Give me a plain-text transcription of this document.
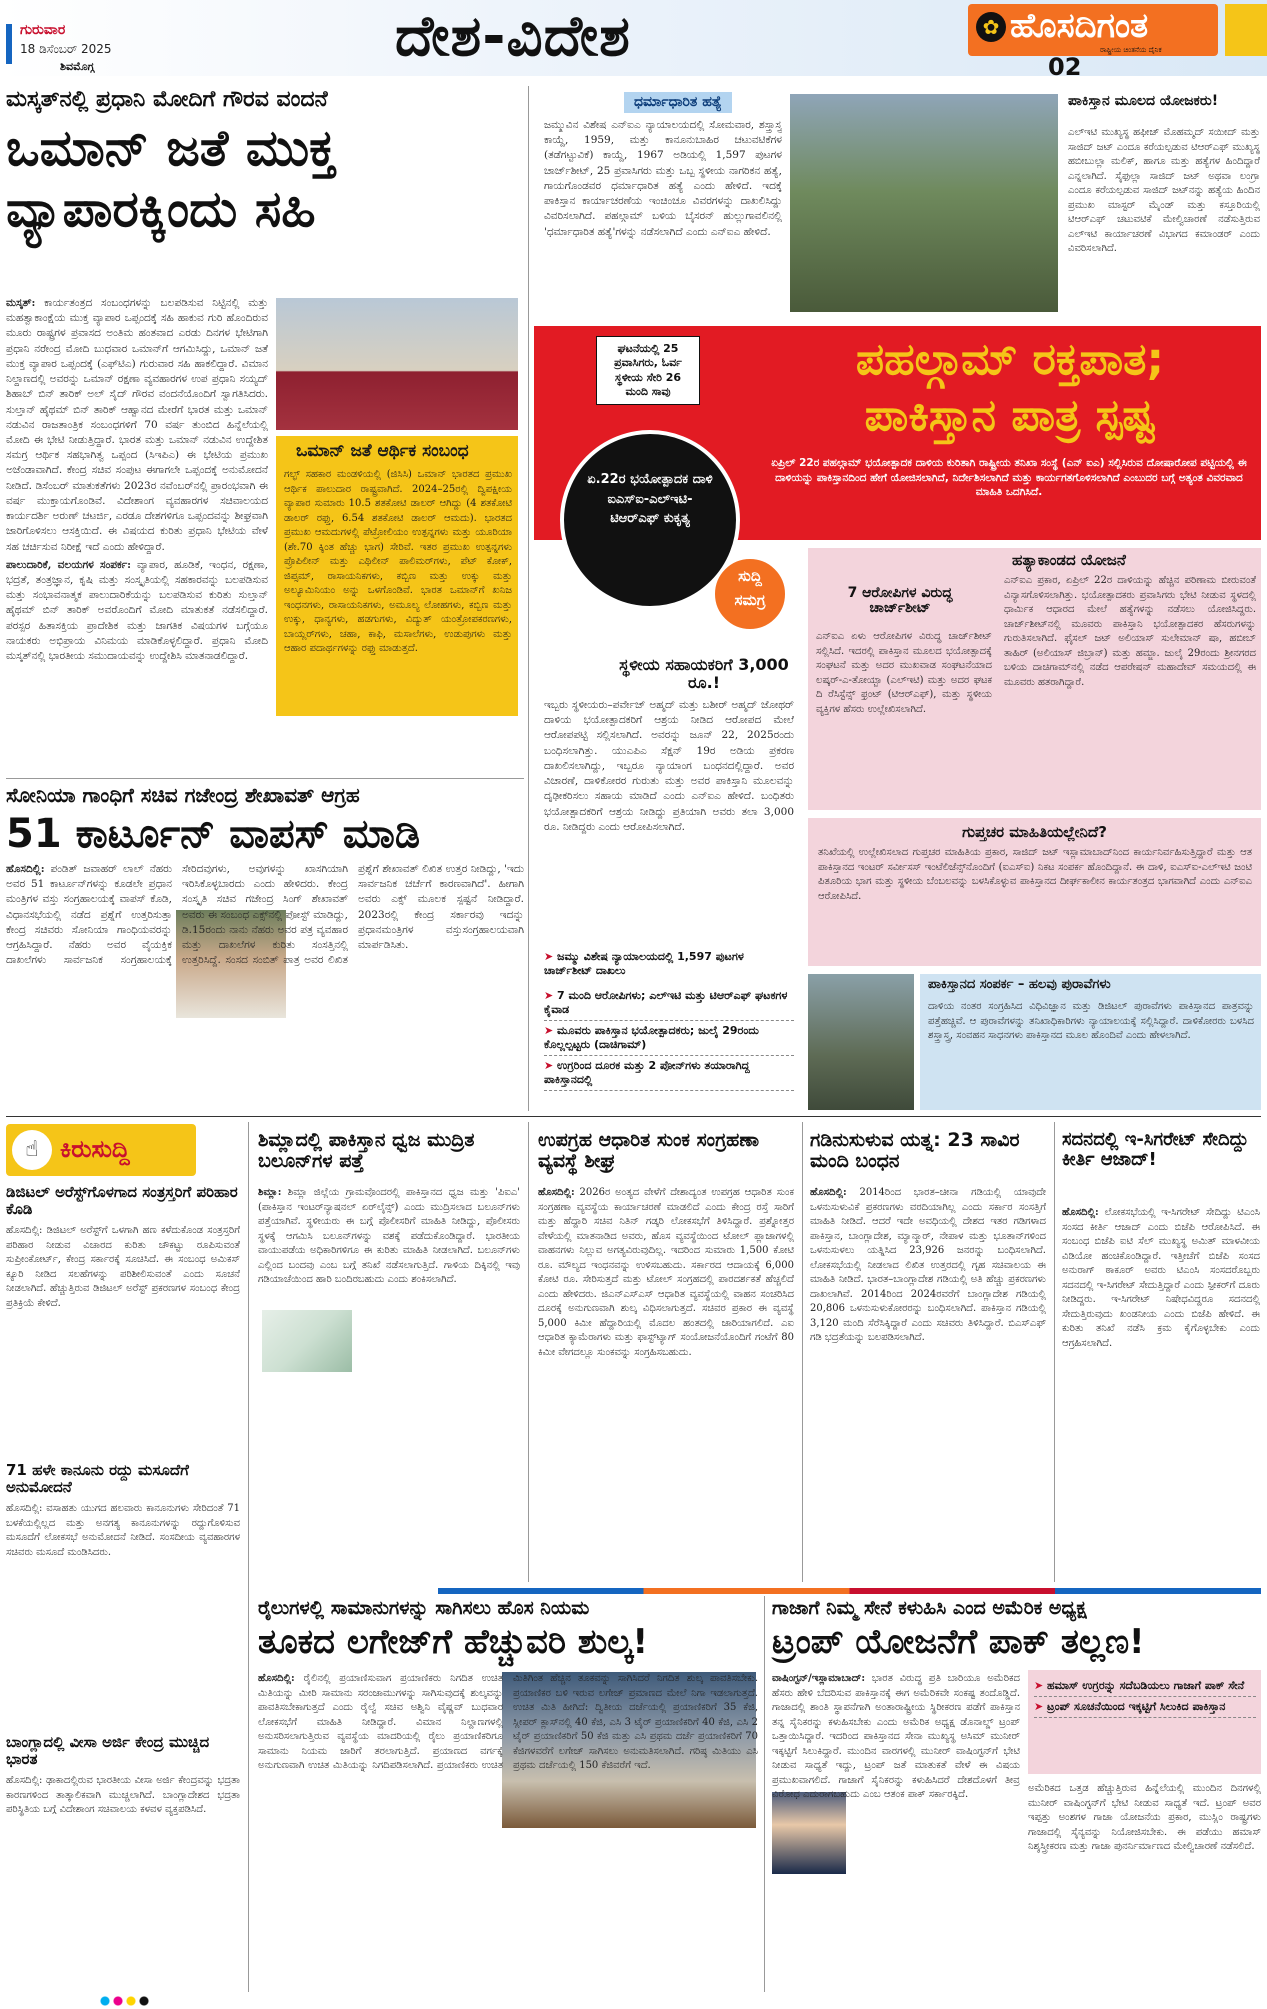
ಗುರುವಾರ
18 ಡಿಸೆಂಬರ್ 2025
ಶಿವಮೊಗ್ಗ	ದೇಶ-ವಿದೇಶ	✿ ಹೊಸದಿಗಂತ
ರಾಷ್ಟ್ರೀಯ ಚಿಂತನೆಯ ದೈನಿಕ
02
ಮಸ್ಕತ್‌ನಲ್ಲಿ ಪ್ರಧಾನಿ ಮೋದಿಗೆ ಗೌರವ ವಂದನೆ
ಒಮಾನ್ ಜತೆ ಮುಕ್ತ ವ್ಯಾಪಾರಕ್ಕಿಂದು ಸಹಿ

ಮಸ್ಕತ್: ಕಾರ್ಯತಂತ್ರದ ಸಂಬಂಧಗಳನ್ನು ಬಲಪಡಿಸುವ ನಿಟ್ಟಿನಲ್ಲಿ ಮತ್ತು ಮಹತ್ವಾಕಾಂಕ್ಷೆಯ ಮುಕ್ತ ವ್ಯಾಪಾರ ಒಪ್ಪಂದಕ್ಕೆ ಸಹಿ ಹಾಕುವ ಗುರಿ ಹೊಂದಿರುವ ಮೂರು ರಾಷ್ಟ್ರಗಳ ಪ್ರವಾಸದ ಅಂತಿಮ ಹಂತವಾದ ಎರಡು ದಿನಗಳ ಭೇಟಿಗಾಗಿ ಪ್ರಧಾನಿ ನರೇಂದ್ರ ಮೋದಿ ಬುಧವಾರ ಒಮಾನ್‌ಗೆ ಆಗಮಿಸಿದ್ದು, ಒಮಾನ್ ಜತೆ ಮುಕ್ತ ವ್ಯಾಪಾರ ಒಪ್ಪಂದಕ್ಕೆ (ಎಫ್‌ಟಿಎ) ಗುರುವಾರ ಸಹಿ ಹಾಕಲಿದ್ದಾರೆ. ವಿಮಾನ ನಿಲ್ದಾಣದಲ್ಲಿ ಅವರನ್ನು ಒಮಾನ್ ರಕ್ಷಣಾ ವ್ಯವಹಾರಗಳ ಉಪ ಪ್ರಧಾನಿ ಸಯ್ಯದ್ ಶಿಹಾಬ್ ಬಿನ್ ತಾರಿಕ್ ಅಲ್ ಸೈದ್ ಗೌರವ ವಂದನೆಯೊಂದಿಗೆ ಸ್ವಾಗತಿಸಿದರು. ಸುಲ್ತಾನ್ ಹೈಥಮ್ ಬಿನ್ ತಾರಿಕ್ ಆಹ್ವಾನದ ಮೇರೆಗೆ ಭಾರತ ಮತ್ತು ಒಮಾನ್ ನಡುವಿನ ರಾಜತಾಂತ್ರಿಕ ಸಂಬಂಧಗಳಿಗೆ 70 ವರ್ಷ ತುಂಬಿದ ಹಿನ್ನೆಲೆಯಲ್ಲಿ ಮೋದಿ ಈ ಭೇಟಿ ನೀಡುತ್ತಿದ್ದಾರೆ. ಭಾರತ ಮತ್ತು ಒಮಾನ್ ನಡುವಿನ ಉದ್ದೇಶಿತ ಸಮಗ್ರ ಆರ್ಥಿಕ ಸಹಭಾಗಿತ್ವ ಒಪ್ಪಂದ (ಸಿಇಪಿಎ) ಈ ಭೇಟಿಯ ಪ್ರಮುಖ ಅಜೆಂಡಾವಾಗಿದೆ. ಕೇಂದ್ರ ಸಚಿವ ಸಂಪುಟ ಈಗಾಗಲೇ ಒಪ್ಪಂದಕ್ಕೆ ಅನುಮೋದನೆ ನೀಡಿದೆ. ಡಿಸೆಂಬರ್ ಮಾತುಕತೆಗಳು 2023ರ ನವೆಂಬರ್‌ನಲ್ಲಿ ಪ್ರಾರಂಭವಾಗಿ ಈ ವರ್ಷ ಮುಕ್ತಾಯಗೊಂಡಿವೆ. ವಿದೇಶಾಂಗ ವ್ಯವಹಾರಗಳ ಸಚಿವಾಲಯದ ಕಾರ್ಯದರ್ಶಿ ಅರುಣ್ ಚಟರ್ಜಿ, ಎರಡೂ ದೇಶಗಳಿಗೂ ಒಪ್ಪಂದವನ್ನು ಶೀಘ್ರವಾಗಿ ಜಾರಿಗೊಳಿಸಲು ಆಸಕ್ತಿಯಿದೆ. ಈ ವಿಷಯದ ಕುರಿತು ಪ್ರಧಾನಿ ಭೇಟಿಯ ವೇಳೆ ಸಹ ಚರ್ಚಿಸುವ ನಿರೀಕ್ಷೆ ಇದೆ ಎಂದು ಹೇಳಿದ್ದಾರೆ.

ಪಾಲುದಾರಿಕೆ, ವಲಯಗಳ ಸಂಪರ್ಕ: ವ್ಯಾಪಾರ, ಹೂಡಿಕೆ, ಇಂಧನ, ರಕ್ಷಣಾ, ಭದ್ರತೆ, ತಂತ್ರಜ್ಞಾನ, ಕೃಷಿ ಮತ್ತು ಸಂಸ್ಕೃತಿಯಲ್ಲಿ ಸಹಕಾರವನ್ನು ಬಲಪಡಿಸುವ ಮತ್ತು ಸಂಭಾವನಾತ್ಮಕ ಪಾಲುದಾರಿಕೆಯನ್ನು ಬಲಪಡಿಸುವ ಕುರಿತು ಸುಲ್ತಾನ್ ಹೈಥಮ್ ಬಿನ್ ತಾರಿಕ್ ಅವರೊಂದಿಗೆ ಮೋದಿ ಮಾತುಕತೆ ನಡೆಸಲಿದ್ದಾರೆ. ಪರಸ್ಪರ ಹಿತಾಸಕ್ತಿಯ ಪ್ರಾದೇಶಿಕ ಮತ್ತು ಜಾಗತಿಕ ವಿಷಯಗಳ ಬಗ್ಗೆಯೂ ನಾಯಕರು ಅಭಿಪ್ರಾಯ ವಿನಿಮಯ ಮಾಡಿಕೊಳ್ಳಲಿದ್ದಾರೆ. ಪ್ರಧಾನಿ ಮೋದಿ ಮಸ್ಕತ್‌ನಲ್ಲಿ ಭಾರತೀಯ ಸಮುದಾಯವನ್ನು ಉದ್ದೇಶಿಸಿ ಮಾತನಾಡಲಿದ್ದಾರೆ.

ಒಮಾನ್ ಜತೆ ಆರ್ಥಿಕ ಸಂಬಂಧ
ಗಲ್ಫ್ ಸಹಕಾರ ಮಂಡಳಿಯಲ್ಲಿ (ಜಿಸಿಸಿ) ಒಮಾನ್ ಭಾರತದ ಪ್ರಮುಖ ಆರ್ಥಿಕ ಪಾಲುದಾರ ರಾಷ್ಟ್ರವಾಗಿದೆ. 2024–25ರಲ್ಲಿ ದ್ವಿಪಕ್ಷೀಯ ವ್ಯಾಪಾರ ಸುಮಾರು 10.5 ಶತಕೋಟಿ ಡಾಲರ್ ಆಗಿದ್ದು (4 ಶತಕೋಟಿ ಡಾಲರ್ ರಫ್ತು, 6.54 ಶತಕೋಟಿ ಡಾಲರ್ ಆಮದು). ಭಾರತದ ಪ್ರಮುಖ ಆಮದುಗಳಲ್ಲಿ ಪೆಟ್ರೋಲಿಯಂ ಉತ್ಪನ್ನಗಳು ಮತ್ತು ಯೂರಿಯಾ (ಶೇ.70 ಕ್ಕಿಂತ ಹೆಚ್ಚು ಭಾಗ) ಸೇರಿವೆ. ಇತರ ಪ್ರಮುಖ ಉತ್ಪನ್ನಗಳು ಪ್ರೊಪಿಲೀನ್ ಮತ್ತು ಎಥಿಲೀನ್ ಪಾಲಿಮರ್‌ಗಳು, ಪೆಟ್ ಕೋಕ್, ಜಿಪ್ಸಮ್, ರಾಸಾಯನಿಕಗಳು, ಕಬ್ಬಿಣ ಮತ್ತು ಉಕ್ಕು ಮತ್ತು ಅಲ್ಯೂಮಿನಿಯಂ ಅನ್ನು ಒಳಗೊಂಡಿವೆ. ಭಾರತ ಒಮಾನ್‌ಗೆ ಖನಿಜ ಇಂಧನಗಳು, ರಾಸಾಯನಿಕಗಳು, ಅಮೂಲ್ಯ ಲೋಹಗಳು, ಕಬ್ಬಿಣ ಮತ್ತು ಉಕ್ಕು, ಧಾನ್ಯಗಳು, ಹಡಗುಗಳು, ವಿದ್ಯುತ್ ಯಂತ್ರೋಪಕರಣಗಳು, ಬಾಯ್ಲರ್‌ಗಳು, ಚಹಾ, ಕಾಫಿ, ಮಸಾಲೆಗಳು, ಉಡುಪುಗಳು ಮತ್ತು ಆಹಾರ ಪದಾರ್ಥಗಳನ್ನು ರಫ್ತು ಮಾಡುತ್ತದೆ.
ಧರ್ಮಾಧಾರಿತ ಹತ್ಯೆ
ಜಮ್ಮುವಿನ ವಿಶೇಷ ಎನ್‌ಐಎ ನ್ಯಾಯಾಲಯದಲ್ಲಿ ಸೋಮವಾರ, ಶಸ್ತ್ರಾಸ್ತ್ರ ಕಾಯ್ದೆ, 1959, ಮತ್ತು ಕಾನೂನುಬಾಹಿರ ಚಟುವಟಿಕೆಗಳ (ತಡೆಗಟ್ಟುವಿಕೆ) ಕಾಯ್ದೆ, 1967 ಅಡಿಯಲ್ಲಿ 1,597 ಪುಟಗಳ ಚಾರ್ಜ್‌ಶೀಟ್, 25 ಪ್ರವಾಸಿಗರು ಮತ್ತು ಒಬ್ಬ ಸ್ಥಳೀಯ ನಾಗರಿಕನ ಹತ್ಯೆ, ಗಾಯಗೊಂಡವರ ಧರ್ಮಾಧಾರಿತ ಹತ್ಯೆ ಎಂದು ಹೇಳಿದೆ. ಇದಕ್ಕೆ ಪಾಕಿಸ್ತಾನ ಕಾರ್ಯಾಚರಣೆಯ ಇಂಚಿಂಚೂ ವಿವರಗಳನ್ನು ದಾಖಲಿಸಿದ್ದು ವಿವರಿಸಲಾಗಿದೆ. ಪಹಲ್ಗಾಮ್ ಬಳಿಯ ಬೈಸರನ್ ಹುಲ್ಲುಗಾವಲಿನಲ್ಲಿ 'ಧರ್ಮಾಧಾರಿತ ಹತ್ಯೆ'ಗಳನ್ನು ನಡೆಸಲಾಗಿದೆ ಎಂದು ಎನ್‌ಐಎ ಹೇಳಿದೆ.
ಪಾಕಿಸ್ತಾನ ಮೂಲದ ಯೋಜಕರು!
ಎಲ್‌ಇಟಿ ಮುಖ್ಯಸ್ಥ ಹಫೀಜ್ ಮೊಹಮ್ಮದ್ ಸಯೀದ್ ಮತ್ತು ಸಾಜಿದ್ ಜಟ್ ಎಂದೂ ಕರೆಯಲ್ಪಡುವ ಟಿಆರ್‌ಎಫ್ ಮುಖ್ಯಸ್ಥ ಹಬೀಬುಲ್ಲಾ ಮಲಿಕ್, ಹಾಗೂ ಮತ್ತು ಹತ್ಯೆಗಳ ಹಿಂದಿದ್ದಾರೆ ಎನ್ನಲಾಗಿದೆ. ಸೈಫುಲ್ಲಾ ಸಾಜಿದ್ ಜಟ್ ಅಥವಾ ಲಂಗ್ರಾ ಎಂದೂ ಕರೆಯಲ್ಪಡುವ ಸಾಜಿದ್ ಜಟ್‌ನನ್ನು ಹತ್ಯೆಯ ಹಿಂದಿನ ಪ್ರಮುಖ ಮಾಸ್ಟರ್ ಮೈಂಡ್ ಮತ್ತು ಕಸ್ತೂರಿಯಲ್ಲಿ ಟಿಆರ್‌ಎಫ್ ಚಟುವಟಿಕೆ ಮೇಲ್ವಿಚಾರಣೆ ನಡೆಸುತ್ತಿರುವ ಎಲ್‌ಇಟಿ ಕಾರ್ಯಾಚರಣೆ ವಿಭಾಗದ ಕಮಾಂಡರ್ ಎಂದು ವಿವರಿಸಲಾಗಿದೆ.
ಘಟನೆಯಲ್ಲಿ 25 ಪ್ರವಾಸಿಗರು, ಓರ್ವ ಸ್ಥಳೀಯ ಸೇರಿ 26 ಮಂದಿ ಸಾವು
ಪಹಲ್ಗಾಮ್ ರಕ್ತಪಾತ;
ಪಾಕಿಸ್ತಾನ ಪಾತ್ರ ಸ್ಪಷ್ಟ
ಏಪ್ರಿಲ್ 22ರ ಪಹಲ್ಗಾಮ್ ಭಯೋತ್ಪಾದಕ ದಾಳಿಯ ಕುರಿತಾಗಿ ರಾಷ್ಟ್ರೀಯ ತನಿಖಾ ಸಂಸ್ಥೆ (ಎನ್ ಐಎ) ಸಲ್ಲಿಸಿರುವ ದೋಷಾರೋಪ ಪಟ್ಟಿಯಲ್ಲಿ ಈ ದಾಳಿಯನ್ನು ಪಾಕಿಸ್ತಾನದಿಂದ ಹೇಗೆ ಯೋಜಿಸಲಾಗಿದೆ, ನಿರ್ದೇಶಿಸಲಾಗಿದೆ ಮತ್ತು ಕಾರ್ಯಗತಗೊಳಿಸಲಾಗಿದೆ ಎಂಬುದರ ಬಗ್ಗೆ ಅತ್ಯಂತ ವಿವರವಾದ ಮಾಹಿತಿ ಒದಗಿಸಿದೆ.
ಏ.22ರ ಭಯೋತ್ಪಾದಕ ದಾಳಿ ಐಎಸ್‌ಐ-ಎಲ್‌ಇಟಿ-ಟಿಆರ್‌ಎಫ್ ಕುಕೃತ್ಯ
ಸುದ್ದಿ
ಸಮಗ್ರ
ಸ್ಥಳೀಯ ಸಹಾಯಕರಿಗೆ 3,000 ರೂ.!
ಇಬ್ಬರು ಸ್ಥಳೀಯರು–ಪರ್ವೇಜ್ ಅಹ್ಮದ್ ಮತ್ತು ಬಶೀರ್ ಅಹ್ಮದ್ ಜೋಥರ್ ದಾಳಿಯ ಭಯೋತ್ಪಾದಕರಿಗೆ ಆಶ್ರಯ ನೀಡಿದ ಆರೋಪದ ಮೇಲೆ ಆರೋಪಪಟ್ಟಿ ಸಲ್ಲಿಸಲಾಗಿದೆ. ಅವರನ್ನು ಜೂನ್ 22, 2025ರಂದು ಬಂಧಿಸಲಾಗಿತ್ತು. ಯುಎಪಿಎ ಸೆಕ್ಷನ್ 19ರ ಅಡಿಯ ಪ್ರಕರಣ ದಾಖಲಿಸಲಾಗಿದ್ದು, ಇಬ್ಬರೂ ನ್ಯಾಯಾಂಗ ಬಂಧನದಲ್ಲಿದ್ದಾರೆ. ಅವರ ವಿಚಾರಣೆ, ದಾಳಿಕೋರರ ಗುರುತು ಮತ್ತು ಅವರ ಪಾಕಿಸ್ತಾನಿ ಮೂಲವನ್ನು ದೃಢೀಕರಿಸಲು ಸಹಾಯ ಮಾಡಿದೆ ಎಂದು ಎನ್‌ಐಎ ಹೇಳಿದೆ. ಬಂಧಿತರು ಭಯೋತ್ಪಾದಕರಿಗೆ ಆಶ್ರಯ ನೀಡಿದ್ದು ಪ್ರತಿಯಾಗಿ ಅವರು ತಲಾ 3,000 ರೂ. ನೀಡಿದ್ದರು ಎಂದು ಆರೋಪಿಸಲಾಗಿದೆ.
➤ ಜಮ್ಮು ವಿಶೇಷ ನ್ಯಾಯಾಲಯದಲ್ಲಿ 1,597 ಪುಟಗಳ ಚಾರ್ಜ್‌ಶೀಟ್ ದಾಖಲು
➤ 7 ಮಂದಿ ಆರೋಪಿಗಳು; ಎಲ್‌ಇಟಿ ಮತ್ತು ಟಿಆರ್‌ಎಫ್ ಘಟಕಗಳ ಕೈವಾಡ
➤ ಮೂವರು ಪಾಕಿಸ್ತಾನ ಭಯೋತ್ಪಾದಕರು; ಜುಲೈ 29ರಂದು ಕೊಲ್ಲಲ್ಪಟ್ಟರು (ದಾಚಿಗಾಮ್)
➤ ಉಗ್ರರಿಂದ ದೂರಕ ಮತ್ತು 2 ಪೋನ್‌ಗಳು ತಯಾರಾಗಿದ್ದ ಪಾಕಿಸ್ತಾನದಲ್ಲಿ
7 ಆರೋಪಿಗಳ ವಿರುದ್ಧ ಚಾರ್ಜ್‌ಶೀಟ್
ಎನ್‌ಐಎ ಏಳು ಆರೋಪಿಗಳ ವಿರುದ್ಧ ಚಾರ್ಜ್‌ಶೀಟ್ ಸಲ್ಲಿಸಿದೆ. ಇದರಲ್ಲಿ ಪಾಕಿಸ್ತಾನ ಮೂಲದ ಭಯೋತ್ಪಾದಕ್ಕೆ ಸಂಘಟನೆ ಮತ್ತು ಅದರ ಮುಖವಾಡ ಸಂಘಟನೆಯಾದ ಲಷ್ಕರ್-ಎ-ತೋಯ್ಬಾ (ಎಲ್‌ಇಟಿ) ಮತ್ತು ಅದರ ಘಟಕ ದಿ ರೆಸಿಸ್ಟೆನ್ಸ್ ಫ್ರಂಟ್ (ಟಿಆರ್‌ಎಫ್), ಮತ್ತು ಸ್ಥಳೀಯ ವ್ಯಕ್ತಿಗಳ ಹೆಸರು ಉಲ್ಲೇಖಿಸಲಾಗಿದೆ.
ಹತ್ಯಾಕಾಂಡದ ಯೋಜನೆ
ಎನ್‌ಐಎ ಪ್ರಕಾರ, ಏಪ್ರಿಲ್ 22ರ ದಾಳಿಯನ್ನು ಹೆಚ್ಚಿನ ಪರಿಣಾಮ ಬೀರುವಂತೆ ವಿನ್ಯಾಸಗೊಳಿಸಲಾಗಿತ್ತು. ಭಯೋತ್ಪಾದಕರು ಪ್ರವಾಸಿಗರು ಭೇಟಿ ನೀಡುವ ಸ್ಥಳದಲ್ಲಿ ಧಾರ್ಮಿಕ ಆಧಾರದ ಮೇಲೆ ಹತ್ಯೆಗಳನ್ನು ನಡೆಸಲು ಯೋಜಿಸಿದ್ದರು. ಚಾರ್ಜ್‌ಶೀಟ್‌ನಲ್ಲಿ ಮೂವರು ಪಾಕಿಸ್ತಾನಿ ಭಯೋತ್ಪಾದಕರ ಹೆಸರುಗಳನ್ನು ಗುರುತಿಸಲಾಗಿದೆ. ಫೈಸಲ್ ಜಟ್ ಅಲಿಯಾಸ್ ಸುಲೇಮಾನ್ ಷಾ, ಹಬೀಬ್ ತಾಹಿರ್ (ಅಲಿಯಾಸ್ ಜಿಬ್ರಾನ್) ಮತ್ತು ಹಮ್ಜಾ. ಜುಲೈ 29ರಂದು ಶ್ರೀನಗರದ ಬಳಿಯ ದಾಚಿಗಾಮ್‌ನಲ್ಲಿ ನಡೆದ ಆಪರೇಷನ್ ಮಹಾದೇವ್ ಸಮಯದಲ್ಲಿ ಈ ಮೂವರು ಹತರಾಗಿದ್ದಾರೆ.
ಗುಪ್ತಚರ ಮಾಹಿತಿಯಲ್ಲೇನಿದೆ?
ತನಿಖೆಯಲ್ಲಿ ಉಲ್ಲೇಖಿಸಲಾದ ಗುಪ್ತಚರ ಮಾಹಿತಿಯ ಪ್ರಕಾರ, ಸಾಜಿದ್ ಜಟ್ ಇಸ್ಲಾಮಾಬಾದ್‌ನಿಂದ ಕಾರ್ಯನಿರ್ವಹಿಸುತ್ತಿದ್ದಾರೆ ಮತ್ತು ಆತ ಪಾಕಿಸ್ತಾನದ ಇಂಟರ್ ಸರ್ವೀಸಸ್ ಇಂಟೆಲಿಜೆನ್ಸ್‌ನೊಂದಿಗೆ (ಐಎಸ್‌ಐ) ನಿಕಟ ಸಂಪರ್ಕ ಹೊಂದಿದ್ದಾನೆ. ಈ ದಾಳಿ, ಐಎಸ್‌ಐ-ಎಲ್‌ಇಟಿ ಜಂಟಿ ಪಿತೂರಿಯ ಭಾಗ ಮತ್ತು ಸ್ಥಳೀಯ ಬೆಂಬಲವನ್ನು ಬಳಸಿಕೊಳ್ಳುವ ಪಾಕಿಸ್ತಾನದ ದೀರ್ಘಕಾಲೀನ ಕಾರ್ಯತಂತ್ರದ ಭಾಗವಾಗಿದೆ ಎಂದು ಎನ್‌ಐಎ ಆರೋಪಿಸಿದೆ.
ಪಾಕಿಸ್ತಾನದ ಸಂಪರ್ಕ – ಹಲವು ಪುರಾವೆಗಳು
ದಾಳಿಯ ನಂತರ ಸಂಗ್ರಹಿಸಿದ ವಿಧಿವಿಜ್ಞಾನ ಮತ್ತು ಡಿಜಿಟಲ್ ಪುರಾವೆಗಳು ಪಾಕಿಸ್ತಾನದ ಪಾತ್ರವನ್ನು ಪತ್ತೆಹಚ್ಚಿವೆ. ಆ ಪುರಾವೆಗಳನ್ನು ತನಿಖಾಧಿಕಾರಿಗಳು ನ್ಯಾಯಾಲಯಕ್ಕೆ ಸಲ್ಲಿಸಿದ್ದಾರೆ. ದಾಳಿಕೋರರು ಬಳಸಿದ ಶಸ್ತ್ರಾಸ್ತ್ರ, ಸಂವಹನ ಸಾಧನಗಳು ಪಾಕಿಸ್ತಾನದ ಮೂಲ ಹೊಂದಿವೆ ಎಂದು ಹೇಳಲಾಗಿದೆ.
ಸೋನಿಯಾ ಗಾಂಧಿಗೆ ಸಚಿವ ಗಜೇಂದ್ರ ಶೇಖಾವತ್ ಆಗ್ರಹ
51 ಕಾರ್ಟೂನ್ ವಾಪಸ್ ಮಾಡಿ

ಹೊಸದಿಲ್ಲಿ: ಪಂಡಿತ್ ಜವಾಹರ್ ಲಾಲ್ ನೆಹರು ಅವರ 51 ಕಾರ್ಟೂನ್‌ಗಳನ್ನು ಕೂಡಲೇ ಪ್ರಧಾನ ಮಂತ್ರಿಗಳ ವಸ್ತು ಸಂಗ್ರಹಾಲಯಕ್ಕೆ ವಾಪಸ್ ಕೊಡಿ, ವಿಧಾನಸಭೆಯಲ್ಲಿ ನಡೆದ ಪ್ರಶ್ನೆಗೆ ಉತ್ತರಿಸುತ್ತಾ ಕೇಂದ್ರ ಸಚಿವರು ಸೋನಿಯಾ ಗಾಂಧಿಯವರನ್ನು ಆಗ್ರಹಿಸಿದ್ದಾರೆ. ನೆಹರು ಅವರ ವೈಯಕ್ತಿಕ ದಾಖಲೆಗಳು ಸಾರ್ವಜನಿಕ ಸಂಗ್ರಹಾಲಯಕ್ಕೆ ಸೇರಿದವುಗಳು, ಅವುಗಳನ್ನು ಖಾಸಗಿಯಾಗಿ ಇರಿಸಿಕೊಳ್ಳಬಾರದು ಎಂದು ಹೇಳಿದರು. ಕೇಂದ್ರ ಸಂಸ್ಕೃತಿ ಸಚಿವ ಗಜೇಂದ್ರ ಸಿಂಗ್ ಶೇಖಾವತ್ ಅವರು ಈ ಸಂಬಂಧ ಎಕ್ಸ್‌ನಲ್ಲಿ ಪೋಸ್ಟ್ ಮಾಡಿದ್ದು, ಡಿ.15ರಂದು ನಾನು ನೆಹರು ಅವರ ಪತ್ರ ವ್ಯವಹಾರ ಮತ್ತು ದಾಖಲೆಗಳ ಕುರಿತು ಸಂಸತ್ತಿನಲ್ಲಿ ಉತ್ತರಿಸಿದ್ದೆ. ಸಂಸದ ಸಂಬಿತ್ ಪಾತ್ರ ಅವರ ಲಿಖಿತ ಪ್ರಶ್ನೆಗೆ ಶೇಖಾವತ್ ಲಿಖಿತ ಉತ್ತರ ನೀಡಿದ್ದು, 'ಇದು ಸಾರ್ವಜನಿಕ ಚರ್ಚೆಗೆ ಕಾರಣವಾಗಿದೆ'. ಹೀಗಾಗಿ ಅವರು ಎಕ್ಸ್ ಮೂಲಕ ಸ್ಪಷ್ಟನೆ ನೀಡಿದ್ದಾರೆ. 2023ರಲ್ಲಿ ಕೇಂದ್ರ ಸರ್ಕಾರವು ಇದನ್ನು ಪ್ರಧಾನಮಂತ್ರಿಗಳ ವಸ್ತುಸಂಗ್ರಹಾಲಯವಾಗಿ ಮಾರ್ಪಡಿಸಿತು.

☝ ಕಿರುಸುದ್ದಿ
ಡಿಜಿಟಲ್ ಅರೆಸ್ಟ್‌ಗೊಳಗಾದ ಸಂತ್ರಸ್ತರಿಗೆ ಪರಿಹಾರ ಕೊಡಿ
ಹೊಸದಿಲ್ಲಿ: ಡಿಜಿಟಲ್ ಅರೆಸ್ಟ್‌ಗೆ ಒಳಗಾಗಿ ಹಣ ಕಳೆದುಕೊಂಡ ಸಂತ್ರಸ್ತರಿಗೆ ಪರಿಹಾರ ನೀಡುವ ವಿಚಾರದ ಕುರಿತು ಚೌಕಟ್ಟು ರೂಪಿಸುವಂತೆ ಸುಪ್ರೀಂಕೋರ್ಟ್, ಕೇಂದ್ರ ಸರ್ಕಾರಕ್ಕೆ ಸೂಚಿಸಿದೆ. ಈ ಸಂಬಂಧ ಅಮಿಕಸ್ ಕ್ಯೂರಿ ನೀಡಿದ ಸಲಹೆಗಳನ್ನು ಪರಿಶೀಲಿಸುವಂತೆ ಎಂದು ಸೂಚನೆ ನೀಡಲಾಗಿದೆ. ಹೆಚ್ಚುತ್ತಿರುವ ಡಿಜಿಟಲ್ ಅರೆಸ್ಟ್ ಪ್ರಕರಣಗಳ ಸಂಬಂಧ ಕೇಂದ್ರ ಪ್ರತಿಕ್ರಿಯೆ ಕೇಳಿದೆ.
71 ಹಳೇ ಕಾನೂನು ರದ್ದು ಮಸೂದೆಗೆ ಅನುಮೋದನೆ
ಹೊಸದಿಲ್ಲಿ: ವಸಾಹತು ಯುಗದ ಹಲವಾರು ಕಾನೂನುಗಳು ಸೇರಿದಂತೆ 71 ಬಳಕೆಯಲ್ಲಿಲ್ಲದ ಮತ್ತು ಅನಗತ್ಯ ಕಾನೂನುಗಳನ್ನು ರದ್ದುಗೊಳಿಸುವ ಮಸೂದೆಗೆ ಲೋಕಸಭೆ ಅನುಮೋದನೆ ನೀಡಿದೆ. ಸಂಸದೀಯ ವ್ಯವಹಾರಗಳ ಸಚಿವರು ಮಸೂದೆ ಮಂಡಿಸಿದರು.
ಬಾಂಗ್ಲಾದಲ್ಲಿ ವೀಸಾ ಅರ್ಜಿ ಕೇಂದ್ರ ಮುಚ್ಚಿದ ಭಾರತ
ಹೊಸದಿಲ್ಲಿ: ಢಾಕಾದಲ್ಲಿರುವ ಭಾರತೀಯ ವೀಸಾ ಅರ್ಜಿ ಕೇಂದ್ರವನ್ನು ಭದ್ರತಾ ಕಾರಣಗಳಿಂದ ತಾತ್ಕಾಲಿಕವಾಗಿ ಮುಚ್ಚಲಾಗಿದೆ. ಬಾಂಗ್ಲಾದೇಶದ ಭದ್ರತಾ ಪರಿಸ್ಥಿತಿಯ ಬಗ್ಗೆ ವಿದೇಶಾಂಗ ಸಚಿವಾಲಯ ಕಳವಳ ವ್ಯಕ್ತಪಡಿಸಿದೆ.
ಶಿಮ್ಲಾದಲ್ಲಿ ಪಾಕಿಸ್ತಾನ ಧ್ವಜ ಮುದ್ರಿತ ಬಲೂನ್‌ಗಳ ಪತ್ತೆ

ಶಿಮ್ಲಾ: ಶಿಮ್ಲಾ ಜಿಲ್ಲೆಯ ಗ್ರಾಮವೊಂದರಲ್ಲಿ ಪಾಕಿಸ್ತಾನದ ಧ್ವಜ ಮತ್ತು 'ಪಿಐಎ' (ಪಾಕಿಸ್ತಾನ ಇಂಟರ್‌ನ್ಯಾಷನಲ್ ಏರ್‌ಲೈನ್ಸ್) ಎಂದು ಮುದ್ರಿಸಲಾದ ಬಲೂನ್‌ಗಳು ಪತ್ತೆಯಾಗಿವೆ. ಸ್ಥಳೀಯರು ಈ ಬಗ್ಗೆ ಪೊಲೀಸರಿಗೆ ಮಾಹಿತಿ ನೀಡಿದ್ದು, ಪೊಲೀಸರು ಸ್ಥಳಕ್ಕೆ ಆಗಮಿಸಿ ಬಲೂನ್‌ಗಳನ್ನು ವಶಕ್ಕೆ ಪಡೆದುಕೊಂಡಿದ್ದಾರೆ. ಭಾರತೀಯ ವಾಯುಪಡೆಯ ಅಧಿಕಾರಿಗಳಿಗೂ ಈ ಕುರಿತು ಮಾಹಿತಿ ನೀಡಲಾಗಿದೆ. ಬಲೂನ್‌ಗಳು ಎಲ್ಲಿಂದ ಬಂದವು ಎಂಬ ಬಗ್ಗೆ ತನಿಖೆ ನಡೆಸಲಾಗುತ್ತಿದೆ. ಗಾಳಿಯ ದಿಕ್ಕಿನಲ್ಲಿ ಇವು ಗಡಿಯಾಚೆಯಿಂದ ಹಾರಿ ಬಂದಿರಬಹುದು ಎಂದು ಶಂಕಿಸಲಾಗಿದೆ.

ಉಪಗ್ರಹ ಆಧಾರಿತ ಸುಂಕ ಸಂಗ್ರಹಣಾ ವ್ಯವಸ್ಥೆ ಶೀಘ್ರ

ಹೊಸದಿಲ್ಲಿ: 2026ರ ಅಂತ್ಯದ ವೇಳೆಗೆ ದೇಶಾದ್ಯಂತ ಉಪಗ್ರಹ ಆಧಾರಿತ ಸುಂಕ ಸಂಗ್ರಹಣಾ ವ್ಯವಸ್ಥೆಯ ಕಾರ್ಯಾಚರಣೆ ಮಾಡಲಿದೆ ಎಂದು ಕೇಂದ್ರ ರಸ್ತೆ ಸಾರಿಗೆ ಮತ್ತು ಹೆದ್ದಾರಿ ಸಚಿವ ನಿತಿನ್ ಗಡ್ಕರಿ ಲೋಕಸಭೆಗೆ ತಿಳಿಸಿದ್ದಾರೆ. ಪ್ರಶ್ನೋತ್ತರ ವೇಳೆಯಲ್ಲಿ ಮಾತನಾಡಿದ ಅವರು, ಹೊಸ ವ್ಯವಸ್ಥೆಯಿಂದ ಟೋಲ್ ಪ್ಲಾಜಾಗಳಲ್ಲಿ ವಾಹನಗಳು ನಿಲ್ಲುವ ಅಗತ್ಯವಿರುವುದಿಲ್ಲ. ಇದರಿಂದ ಸುಮಾರು 1,500 ಕೋಟಿ ರೂ. ಮೌಲ್ಯದ ಇಂಧನವನ್ನು ಉಳಿಸಬಹುದು. ಸರ್ಕಾರದ ಆದಾಯಕ್ಕೆ 6,000 ಕೋಟಿ ರೂ. ಸೇರಿಸುತ್ತದೆ ಮತ್ತು ಟೋಲ್ ಸಂಗ್ರಹದಲ್ಲಿ ಪಾರದರ್ಶಕತೆ ಹೆಚ್ಚಲಿದೆ ಎಂದು ಹೇಳಿದರು. ಜಿಎನ್‌ಎಸ್‌ಎಸ್ ಆಧಾರಿತ ವ್ಯವಸ್ಥೆಯಲ್ಲಿ ವಾಹನ ಸಂಚರಿಸಿದ ದೂರಕ್ಕೆ ಅನುಗುಣವಾಗಿ ಶುಲ್ಕ ವಿಧಿಸಲಾಗುತ್ತದೆ. ಸಚಿವರ ಪ್ರಕಾರ ಈ ವ್ಯವಸ್ಥೆ 5,000 ಕಿಮೀ ಹೆದ್ದಾರಿಯಲ್ಲಿ ಮೊದಲ ಹಂತದಲ್ಲಿ ಜಾರಿಯಾಗಲಿದೆ. ಎಐ ಆಧಾರಿತ ಕ್ಯಾಮೆರಾಗಳು ಮತ್ತು ಫಾಸ್ಟ್‌ಟ್ಯಾಗ್ ಸಂಯೋಜನೆಯೊಂದಿಗೆ ಗಂಟೆಗೆ 80 ಕಿಮೀ ವೇಗದಲ್ಲೂ ಸುಂಕವನ್ನು ಸಂಗ್ರಹಿಸಬಹುದು.

ಗಡಿನುಸುಳುವ ಯತ್ನ: 23 ಸಾವಿರ ಮಂದಿ ಬಂಧನ

ಹೊಸದಿಲ್ಲಿ: 2014ರಿಂದ ಭಾರತ–ಚೀನಾ ಗಡಿಯಲ್ಲಿ ಯಾವುದೇ ಒಳನುಸುಳುವಿಕೆ ಪ್ರಕರಣಗಳು ವರದಿಯಾಗಿಲ್ಲ ಎಂದು ಸರ್ಕಾರ ಸಂಸತ್ತಿಗೆ ಮಾಹಿತಿ ನೀಡಿದೆ. ಆದರೆ ಇದೇ ಅವಧಿಯಲ್ಲಿ ದೇಶದ ಇತರ ಗಡಿಗಳಾದ ಪಾಕಿಸ್ತಾನ, ಬಾಂಗ್ಲಾದೇಶ, ಮ್ಯಾನ್ಮಾರ್, ನೇಪಾಳ ಮತ್ತು ಭೂತಾನ್‌ಗಳಿಂದ ಒಳನುಸುಳಲು ಯತ್ನಿಸಿದ 23,926 ಜನರನ್ನು ಬಂಧಿಸಲಾಗಿದೆ. ಲೋಕಸಭೆಯಲ್ಲಿ ನೀಡಲಾದ ಲಿಖಿತ ಉತ್ತರದಲ್ಲಿ ಗೃಹ ಸಚಿವಾಲಯ ಈ ಮಾಹಿತಿ ನೀಡಿದೆ. ಭಾರತ–ಬಾಂಗ್ಲಾದೇಶ ಗಡಿಯಲ್ಲಿ ಅತಿ ಹೆಚ್ಚು ಪ್ರಕರಣಗಳು ದಾಖಲಾಗಿವೆ. 2014ರಿಂದ 2024ರವರೆಗೆ ಬಾಂಗ್ಲಾದೇಶ ಗಡಿಯಲ್ಲಿ 20,806 ಒಳನುಸುಳುಕೋರರನ್ನು ಬಂಧಿಸಲಾಗಿದೆ. ಪಾಕಿಸ್ತಾನ ಗಡಿಯಲ್ಲಿ 3,120 ಮಂದಿ ಸೆರೆಸಿಕ್ಕಿದ್ದಾರೆ ಎಂದು ಸಚಿವರು ತಿಳಿಸಿದ್ದಾರೆ. ಬಿಎಸ್‌ಎಫ್ ಗಡಿ ಭದ್ರತೆಯನ್ನು ಬಲಪಡಿಸಲಾಗಿದೆ.

ಸದನದಲ್ಲಿ ಇ-ಸಿಗರೇಟ್ ಸೇದಿದ್ದು ಕೀರ್ತಿ ಆಜಾದ್!

ಹೊಸದಿಲ್ಲಿ: ಲೋಕಸಭೆಯಲ್ಲಿ ಇ-ಸಿಗರೇಟ್ ಸೇದಿದ್ದು ಟಿಎಂಸಿ ಸಂಸದ ಕೀರ್ತಿ ಆಜಾದ್ ಎಂದು ಬಿಜೆಪಿ ಆರೋಪಿಸಿದೆ. ಈ ಸಂಬಂಧ ಬಿಜೆಪಿ ಐಟಿ ಸೆಲ್ ಮುಖ್ಯಸ್ಥ ಅಮಿತ್ ಮಾಳವೀಯ ವಿಡಿಯೋ ಹಂಚಿಕೊಂಡಿದ್ದಾರೆ. ಇತ್ತೀಚೆಗೆ ಬಿಜೆಪಿ ಸಂಸದ ಅನುರಾಗ್ ಠಾಕೂರ್ ಅವರು ಟಿಎಂಸಿ ಸಂಸದರೊಬ್ಬರು ಸದನದಲ್ಲಿ ಇ-ಸಿಗರೇಟ್ ಸೇದುತ್ತಿದ್ದಾರೆ ಎಂದು ಸ್ಪೀಕರ್‌ಗೆ ದೂರು ನೀಡಿದ್ದರು. ಇ-ಸಿಗರೇಟ್ ನಿಷೇಧವಿದ್ದರೂ ಸದನದಲ್ಲಿ ಸೇದುತ್ತಿರುವುದು ಖಂಡನೀಯ ಎಂದು ಬಿಜೆಪಿ ಹೇಳಿದೆ. ಈ ಕುರಿತು ತನಿಖೆ ನಡೆಸಿ ಕ್ರಮ ಕೈಗೊಳ್ಳಬೇಕು ಎಂದು ಆಗ್ರಹಿಸಲಾಗಿದೆ.

ರೈಲುಗಳಲ್ಲಿ ಸಾಮಾನುಗಳನ್ನು ಸಾಗಿಸಲು ಹೊಸ ನಿಯಮ
ತೂಕದ ಲಗೇಜ್‌ಗೆ ಹೆಚ್ಚುವರಿ ಶುಲ್ಕ!

ಹೊಸದಿಲ್ಲಿ: ರೈಲಿನಲ್ಲಿ ಪ್ರಯಾಣಿಸುವಾಗ ಪ್ರಯಾಣಿಕರು ನಿಗದಿತ ಉಚಿತ ಮಿತಿಯನ್ನು ಮೀರಿ ಸಾಮಾನು ಸರಂಜಾಮುಗಳನ್ನು ಸಾಗಿಸುವುದಕ್ಕೆ ಶುಲ್ಕವನ್ನು ಪಾವತಿಸಬೇಕಾಗುತ್ತದೆ ಎಂದು ರೈಲ್ವೆ ಸಚಿವ ಅಶ್ವಿನಿ ವೈಷ್ಣವ್ ಬುಧವಾರ ಲೋಕಸಭೆಗೆ ಮಾಹಿತಿ ನೀಡಿದ್ದಾರೆ. ವಿಮಾನ ನಿಲ್ದಾಣಗಳಲ್ಲಿ ಅನುಸರಿಸಲಾಗುತ್ತಿರುವ ವ್ಯವಸ್ಥೆಯ ಮಾದರಿಯಲ್ಲಿ ರೈಲು ಪ್ರಯಾಣಿಕರಿಗೂ ಸಾಮಾನು ನಿಯಮ ಜಾರಿಗೆ ತರಲಾಗುತ್ತಿದೆ. ಪ್ರಯಾಣದ ವರ್ಗಕ್ಕೆ ಅನುಗುಣವಾಗಿ ಉಚಿತ ಮಿತಿಯನ್ನು ನಿಗದಿಪಡಿಸಲಾಗಿದೆ. ಪ್ರಯಾಣಿಕರು ಉಚಿತ ಮಿತಿಗಿಂತ ಹೆಚ್ಚಿನ ತೂಕವನ್ನು ಸಾಗಿಸಿದರೆ ನಿಗದಿತ ಶುಲ್ಕ ಪಾವತಿಸಬೇಕು. ಪ್ರಯಾಣಿಕರ ಬಳಿ ಇರುವ ಲಗೇಜ್ ಪ್ರಮಾಣದ ಮೇಲೆ ನಿಗಾ ಇಡಲಾಗುತ್ತದೆ. ಉಚಿತ ಮಿತಿ ಹೀಗಿದೆ: ದ್ವಿತೀಯ ದರ್ಜೆಯಲ್ಲಿ ಪ್ರಯಾಣಿಕರಿಗೆ 35 ಕೆಜಿ, ಸ್ಲೀಪರ್ ಕ್ಲಾಸ್‌ನಲ್ಲಿ 40 ಕೆಜಿ, ಎಸಿ 3 ಟೈರ್ ಪ್ರಯಾಣಿಕರಿಗೆ 40 ಕೆಜಿ, ಎಸಿ 2 ಟೈರ್ ಪ್ರಯಾಣಿಕರಿಗೆ 50 ಕೆಜಿ ಮತ್ತು ಎಸಿ ಪ್ರಥಮ ದರ್ಜೆ ಪ್ರಯಾಣಿಕರಿಗೆ 70 ಕೆಜಿಗಳವರೆಗೆ ಲಗೇಜ್ ಸಾಗಿಸಲು ಅನುಮತಿಸಲಾಗಿದೆ. ಗರಿಷ್ಠ ಮಿತಿಯು ಎಸಿ ಪ್ರಥಮ ದರ್ಜೆಯಲ್ಲಿ 150 ಕೆಜಿವರೆಗೆ ಇದೆ.

ಗಾಜಾಗೆ ನಿಮ್ಮ ಸೇನೆ ಕಳುಹಿಸಿ ಎಂದ ಅಮೆರಿಕ ಅಧ್ಯಕ್ಷ
ಟ್ರಂಪ್ ಯೋಜನೆಗೆ ಪಾಕ್ ತಲ್ಲಣ!

ವಾಷಿಂಗ್ಟನ್/ಇಸ್ಲಾಮಾಬಾದ್: ಭಾರತ ವಿರುದ್ಧ ಪ್ರತಿ ಬಾರಿಯೂ ಅಮೆರಿಕದ ಹೆಸರು ಹೇಳಿ ಬೆದರಿಸುವ ಪಾಕಿಸ್ತಾನಕ್ಕೆ ಈಗ ಅಮೆರಿಕವೇ ಸಂಕಷ್ಟ ತಂದೊಡ್ಡಿದೆ. ಗಾಜಾದಲ್ಲಿ ಶಾಂತಿ ಸ್ಥಾಪನೆಗಾಗಿ ಅಂತಾರಾಷ್ಟ್ರೀಯ ಸ್ಥಿರೀಕರಣ ಪಡೆಗೆ ಪಾಕಿಸ್ತಾನ ತನ್ನ ಸೈನಿಕರನ್ನು ಕಳುಹಿಸಬೇಕು ಎಂದು ಅಮೆರಿಕ ಅಧ್ಯಕ್ಷ ಡೊನಾಲ್ಡ್ ಟ್ರಂಪ್ ಒತ್ತಾಯಿಸಿದ್ದಾರೆ. ಇದರಿಂದ ಪಾಕಿಸ್ತಾನದ ಸೇನಾ ಮುಖ್ಯಸ್ಥ ಅಸಿಮ್ ಮುನೀರ್ ಇಕ್ಕಟ್ಟಿಗೆ ಸಿಲುಕಿದ್ದಾರೆ. ಮುಂದಿನ ವಾರಗಳಲ್ಲಿ ಮುನೀರ್ ವಾಷಿಂಗ್ಟನ್‌ಗೆ ಭೇಟಿ ನೀಡುವ ಸಾಧ್ಯತೆ ಇದ್ದು, ಟ್ರಂಪ್ ಜತೆ ಮಾತುಕತೆ ವೇಳೆ ಈ ವಿಷಯ ಪ್ರಮುಖವಾಗಲಿದೆ. ಗಾಜಾಗೆ ಸೈನಿಕರನ್ನು ಕಳುಹಿಸಿದರೆ ದೇಶದೊಳಗೆ ತೀವ್ರ ವಿರೋಧ ಎದುರಾಗಬಹುದು ಎಂಬ ಆತಂಕ ಪಾಕ್ ಸರ್ಕಾರಕ್ಕಿದೆ.

➤ ಹಮಾಸ್ ಉಗ್ರರನ್ನು ಸದೆಬಡಿಯಲು ಗಾಜಾಗೆ ಪಾಕ್ ಸೇನೆ
➤ ಟ್ರಂಪ್ ಸೂಚನೆಯಿಂದ ಇಕ್ಕಟ್ಟಿಗೆ ಸಿಲುಕಿದ ಪಾಕಿಸ್ತಾನ
ಅಮೆರಿಕದ ಒತ್ತಡ ಹೆಚ್ಚುತ್ತಿರುವ ಹಿನ್ನೆಲೆಯಲ್ಲಿ ಮುಂದಿನ ದಿನಗಳಲ್ಲಿ ಮುನೀರ್ ವಾಷಿಂಗ್ಟನ್‌ಗೆ ಭೇಟಿ ನೀಡುವ ಸಾಧ್ಯತೆ ಇದೆ. ಟ್ರಂಪ್ ಅವರ ಇಪ್ಪತ್ತು ಅಂಶಗಳ ಗಾಜಾ ಯೋಜನೆಯ ಪ್ರಕಾರ, ಮುಸ್ಲಿಂ ರಾಷ್ಟ್ರಗಳು ಗಾಜಾದಲ್ಲಿ ಸೈನ್ಯವನ್ನು ನಿಯೋಜಿಸಬೇಕು. ಈ ಪಡೆಯು ಹಮಾಸ್ ನಿಶ್ಶಸ್ತ್ರೀಕರಣ ಮತ್ತು ಗಾಜಾ ಪುನರ್ನಿರ್ಮಾಣದ ಮೇಲ್ವಿಚಾರಣೆ ನಡೆಸಲಿದೆ.
